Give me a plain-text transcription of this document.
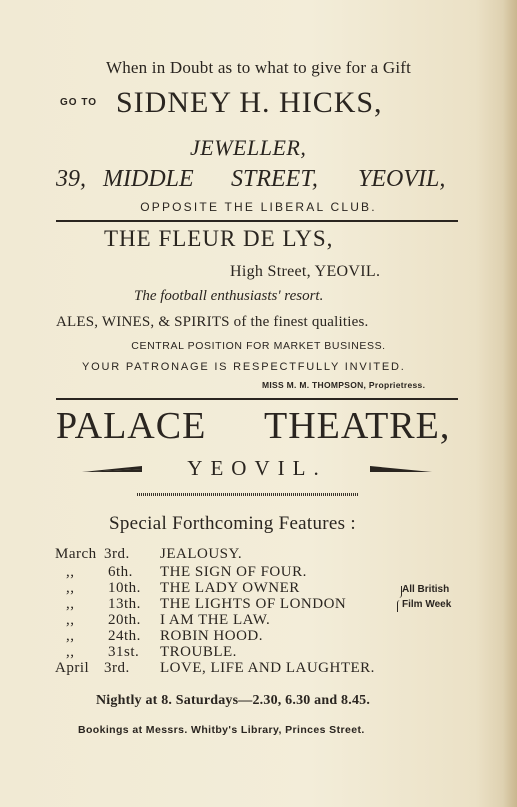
When in Doubt as to what to give for a Gift
GO TO SIDNEY H. HICKS,
JEWELLER,
39, MIDDLE STREET, YEOVIL,
OPPOSITE THE LIBERAL CLUB.
THE FLEUR DE LYS,
High Street, YEOVIL.
The football enthusiasts' resort.
ALES, WINES, & SPIRITS of the finest qualities.
CENTRAL POSITION FOR MARKET BUSINESS.
YOUR PATRONAGE IS RESPECTFULLY INVITED.
MISS M. M. THOMPSON, Proprietress.
PALACE THEATRE,
YEOVIL.
Special Forthcoming Features :
March 3rd. JEALOUSY.
,, 6th. THE SIGN OF FOUR.
,, 10th. THE LADY OWNER
,, 13th. THE LIGHTS OF LONDON
,, 20th. I AM THE LAW.
,, 24th. ROBIN HOOD.
,, 31st. TROUBLE.
April 3rd. LOVE, LIFE AND LAUGHTER.
All British
Film Week
Nightly at 8. Saturdays—2.30, 6.30 and 8.45.
Bookings at Messrs. Whitby's Library, Princes Street.
